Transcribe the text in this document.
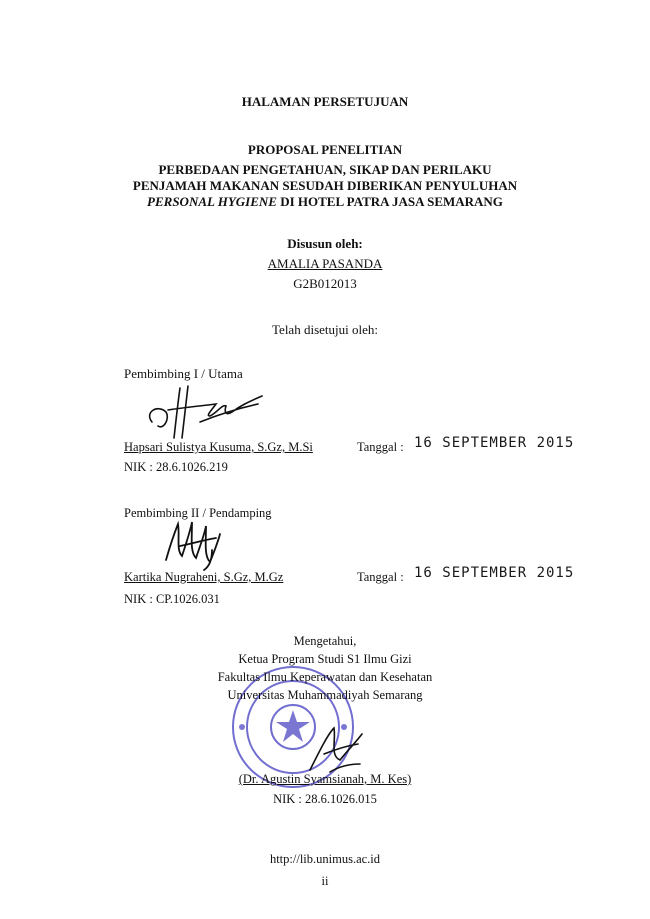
HALAMAN PERSETUJUAN
PROPOSAL PENELITIAN
PERBEDAAN PENGETAHUAN, SIKAP DAN PERILAKU
PENJAMAH MAKANAN SESUDAH DIBERIKAN PENYULUHAN
PERSONAL HYGIENE DI HOTEL PATRA JASA SEMARANG
Disusun oleh:
AMALIA PASANDA
G2B012013
Telah disetujui oleh:
Pembimbing I / Utama
Hapsari Sulistya Kusuma, S.Gz, M.Si	Tanggal : 16 SEPTEMBER 2015
NIK : 28.6.1026.219
Pembimbing II / Pendamping
Kartika Nugraheni, S.Gz, M.Gz	Tanggal : 16 SEPTEMBER 2015
NIK : CP.1026.031
Mengetahui,
Ketua Program Studi S1 Ilmu Gizi
Fakultas Ilmu Keperawatan dan Kesehatan
Universitas Muhammadiyah Semarang
(Dr. Agustin Syamsianah, M. Kes)
NIK : 28.6.1026.015
http://lib.unimus.ac.id
ii
